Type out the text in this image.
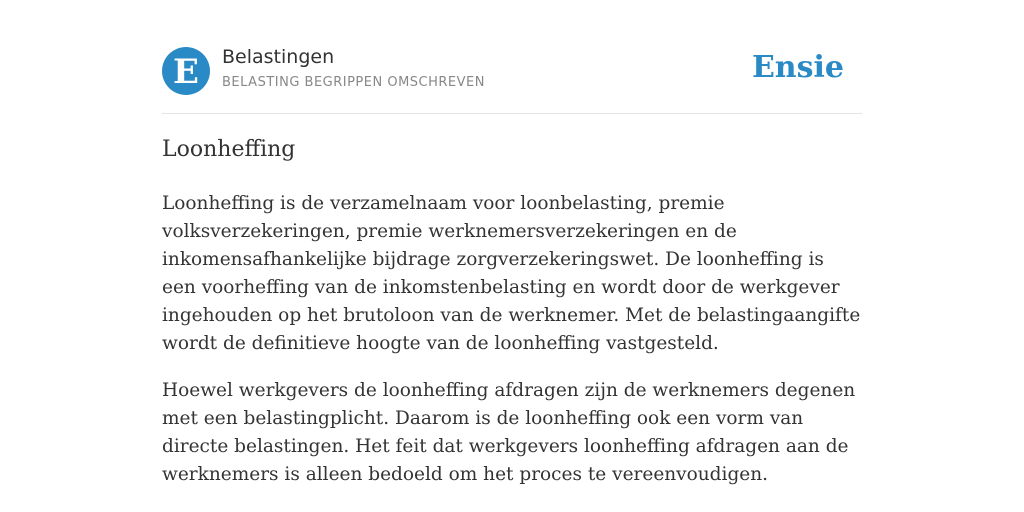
E Belastingen
BELASTING BEGRIPPEN OMSCHREVEN	Ensie
Loonheffing

Loonheffing is de verzamelnaam voor loonbelasting, premie volksverzekeringen, premie werknemersverzekeringen en de inkomensafhankelijke bijdrage zorgverzekeringswet. De loonheffing is een voorheffing van de inkomstenbelasting en wordt door de werkgever ingehouden op het brutoloon van de werknemer. Met de belastingaangifte wordt de definitieve hoogte van de loonheffing vastgesteld.

Hoewel werkgevers de loonheffing afdragen zijn de werknemers degenen met een belastingplicht. Daarom is de loonheffing ook een vorm van directe belastingen. Het feit dat werkgevers loonheffing afdragen aan de werknemers is alleen bedoeld om het proces te vereenvoudigen.
